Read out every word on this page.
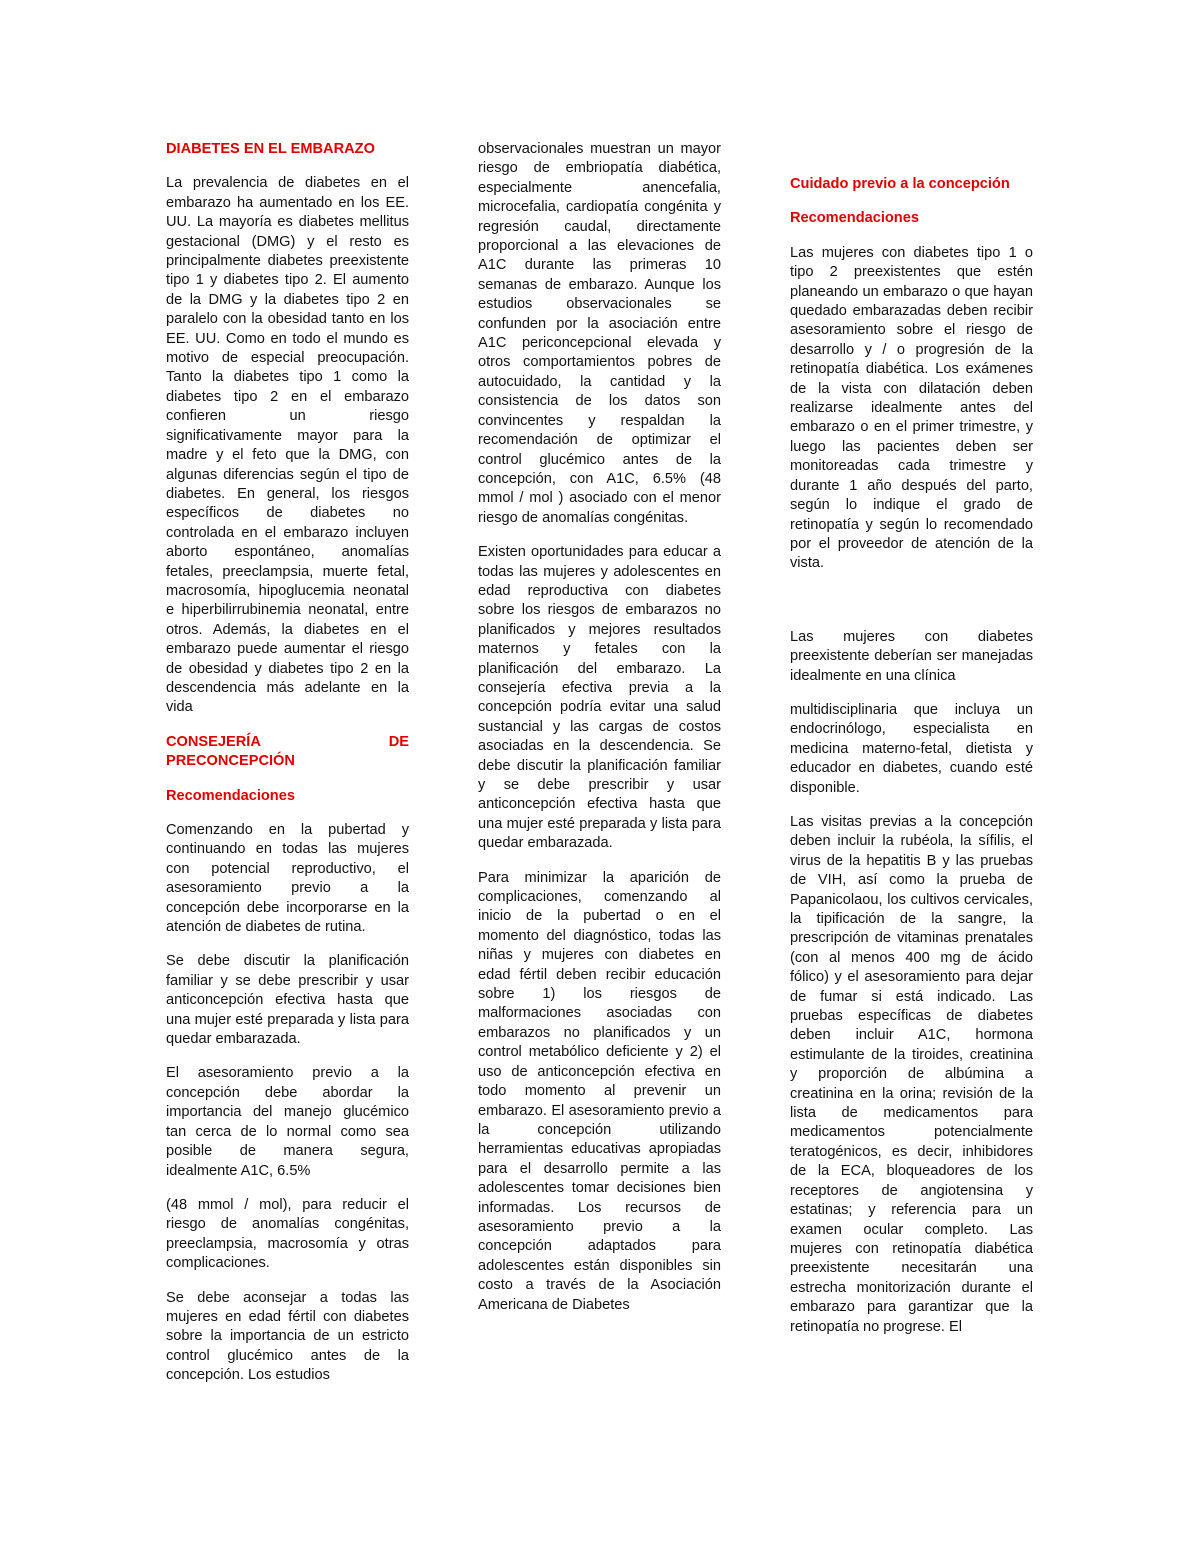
DIABETES EN EL EMBARAZO

La prevalencia de diabetes en el embarazo ha aumentado en los EE. UU. La mayoría es diabetes mellitus gestacional (DMG) y el resto es principalmente diabetes preexistente tipo 1 y diabetes tipo 2. El aumento de la DMG y la diabetes tipo 2 en paralelo con la obesidad tanto en los EE. UU. Como en todo el mundo es motivo de especial preocupación. Tanto la diabetes tipo 1 como la diabetes tipo 2 en el embarazo confieren un riesgo significativamente mayor para la madre y el feto que la DMG, con algunas diferencias según el tipo de diabetes. En general, los riesgos específicos de diabetes no controlada en el embarazo incluyen aborto espontáneo, anomalías fetales, preeclampsia, muerte fetal, macrosomía, hipoglucemia neonatal e hiperbilirrubinemia neonatal, entre otros. Además, la diabetes en el embarazo puede aumentar el riesgo de obesidad y diabetes tipo 2 en la descendencia más adelante en la vida

CONSEJERÍA DE PRECONCEPCIÓN
Recomendaciones

Comenzando en la pubertad y continuando en todas las mujeres con potencial reproductivo, el asesoramiento previo a la concepción debe incorporarse en la atención de diabetes de rutina.

Se debe discutir la planificación familiar y se debe prescribir y usar anticoncepción efectiva hasta que una mujer esté preparada y lista para quedar embarazada.

El asesoramiento previo a la concepción debe abordar la importancia del manejo glucémico tan cerca de lo normal como sea posible de manera segura, idealmente A1C, 6.5%

(48 mmol / mol), para reducir el riesgo de anomalías congénitas, preeclampsia, macrosomía y otras complicaciones.

Se debe aconsejar a todas las mujeres en edad fértil con diabetes sobre la importancia de un estricto control glucémico antes de la concepción. Los estudios

observacionales muestran un mayor riesgo de embriopatía diabética, especialmente anencefalia, microcefalia, cardiopatía congénita y regresión caudal, directamente proporcional a las elevaciones de A1C durante las primeras 10 semanas de embarazo. Aunque los estudios observacionales se confunden por la asociación entre A1C periconcepcional elevada y otros comportamientos pobres de autocuidado, la cantidad y la consistencia de los datos son convincentes y respaldan la recomendación de optimizar el control glucémico antes de la concepción, con A1C, 6.5% (48 mmol / mol ) asociado con el menor riesgo de anomalías congénitas.

Existen oportunidades para educar a todas las mujeres y adolescentes en edad reproductiva con diabetes sobre los riesgos de embarazos no planificados y mejores resultados maternos y fetales con la planificación del embarazo. La consejería efectiva previa a la concepción podría evitar una salud sustancial y las cargas de costos asociadas en la descendencia. Se debe discutir la planificación familiar y se debe prescribir y usar anticoncepción efectiva hasta que una mujer esté preparada y lista para quedar embarazada.

Para minimizar la aparición de complicaciones, comenzando al inicio de la pubertad o en el momento del diagnóstico, todas las niñas y mujeres con diabetes en edad fértil deben recibir educación sobre 1) los riesgos de malformaciones asociadas con embarazos no planificados y un control metabólico deficiente y 2) el uso de anticoncepción efectiva en todo momento al prevenir un embarazo. El asesoramiento previo a la concepción utilizando herramientas educativas apropiadas para el desarrollo permite a las adolescentes tomar decisiones bien informadas. Los recursos de asesoramiento previo a la concepción adaptados para adolescentes están disponibles sin costo a través de la Asociación Americana de Diabetes

Cuidado previo a la concepción
Recomendaciones

Las mujeres con diabetes tipo 1 o tipo 2 preexistentes que estén planeando un embarazo o que hayan quedado embarazadas deben recibir asesoramiento sobre el riesgo de desarrollo y / o progresión de la retinopatía diabética. Los exámenes de la vista con dilatación deben realizarse idealmente antes del embarazo o en el primer trimestre, y luego las pacientes deben ser monitoreadas cada trimestre y durante 1 año después del parto, según lo indique el grado de retinopatía y según lo recomendado por el proveedor de atención de la vista.

Las mujeres con diabetes preexistente deberían ser manejadas idealmente en una clínica

multidisciplinaria que incluya un endocrinólogo, especialista en medicina materno-fetal, dietista y educador en diabetes, cuando esté disponible.

Las visitas previas a la concepción deben incluir la rubéola, la sífilis, el virus de la hepatitis B y las pruebas de VIH, así como la prueba de Papanicolaou, los cultivos cervicales, la tipificación de la sangre, la prescripción de vitaminas prenatales (con al menos 400 mg de ácido fólico) y el asesoramiento para dejar de fumar si está indicado. Las pruebas específicas de diabetes deben incluir A1C, hormona estimulante de la tiroides, creatinina y proporción de albúmina a creatinina en la orina; revisión de la lista de medicamentos para medicamentos potencialmente teratogénicos, es decir, inhibidores de la ECA, bloqueadores de los receptores de angiotensina y estatinas; y referencia para un examen ocular completo. Las mujeres con retinopatía diabética preexistente necesitarán una estrecha monitorización durante el embarazo para garantizar que la retinopatía no progrese. El
